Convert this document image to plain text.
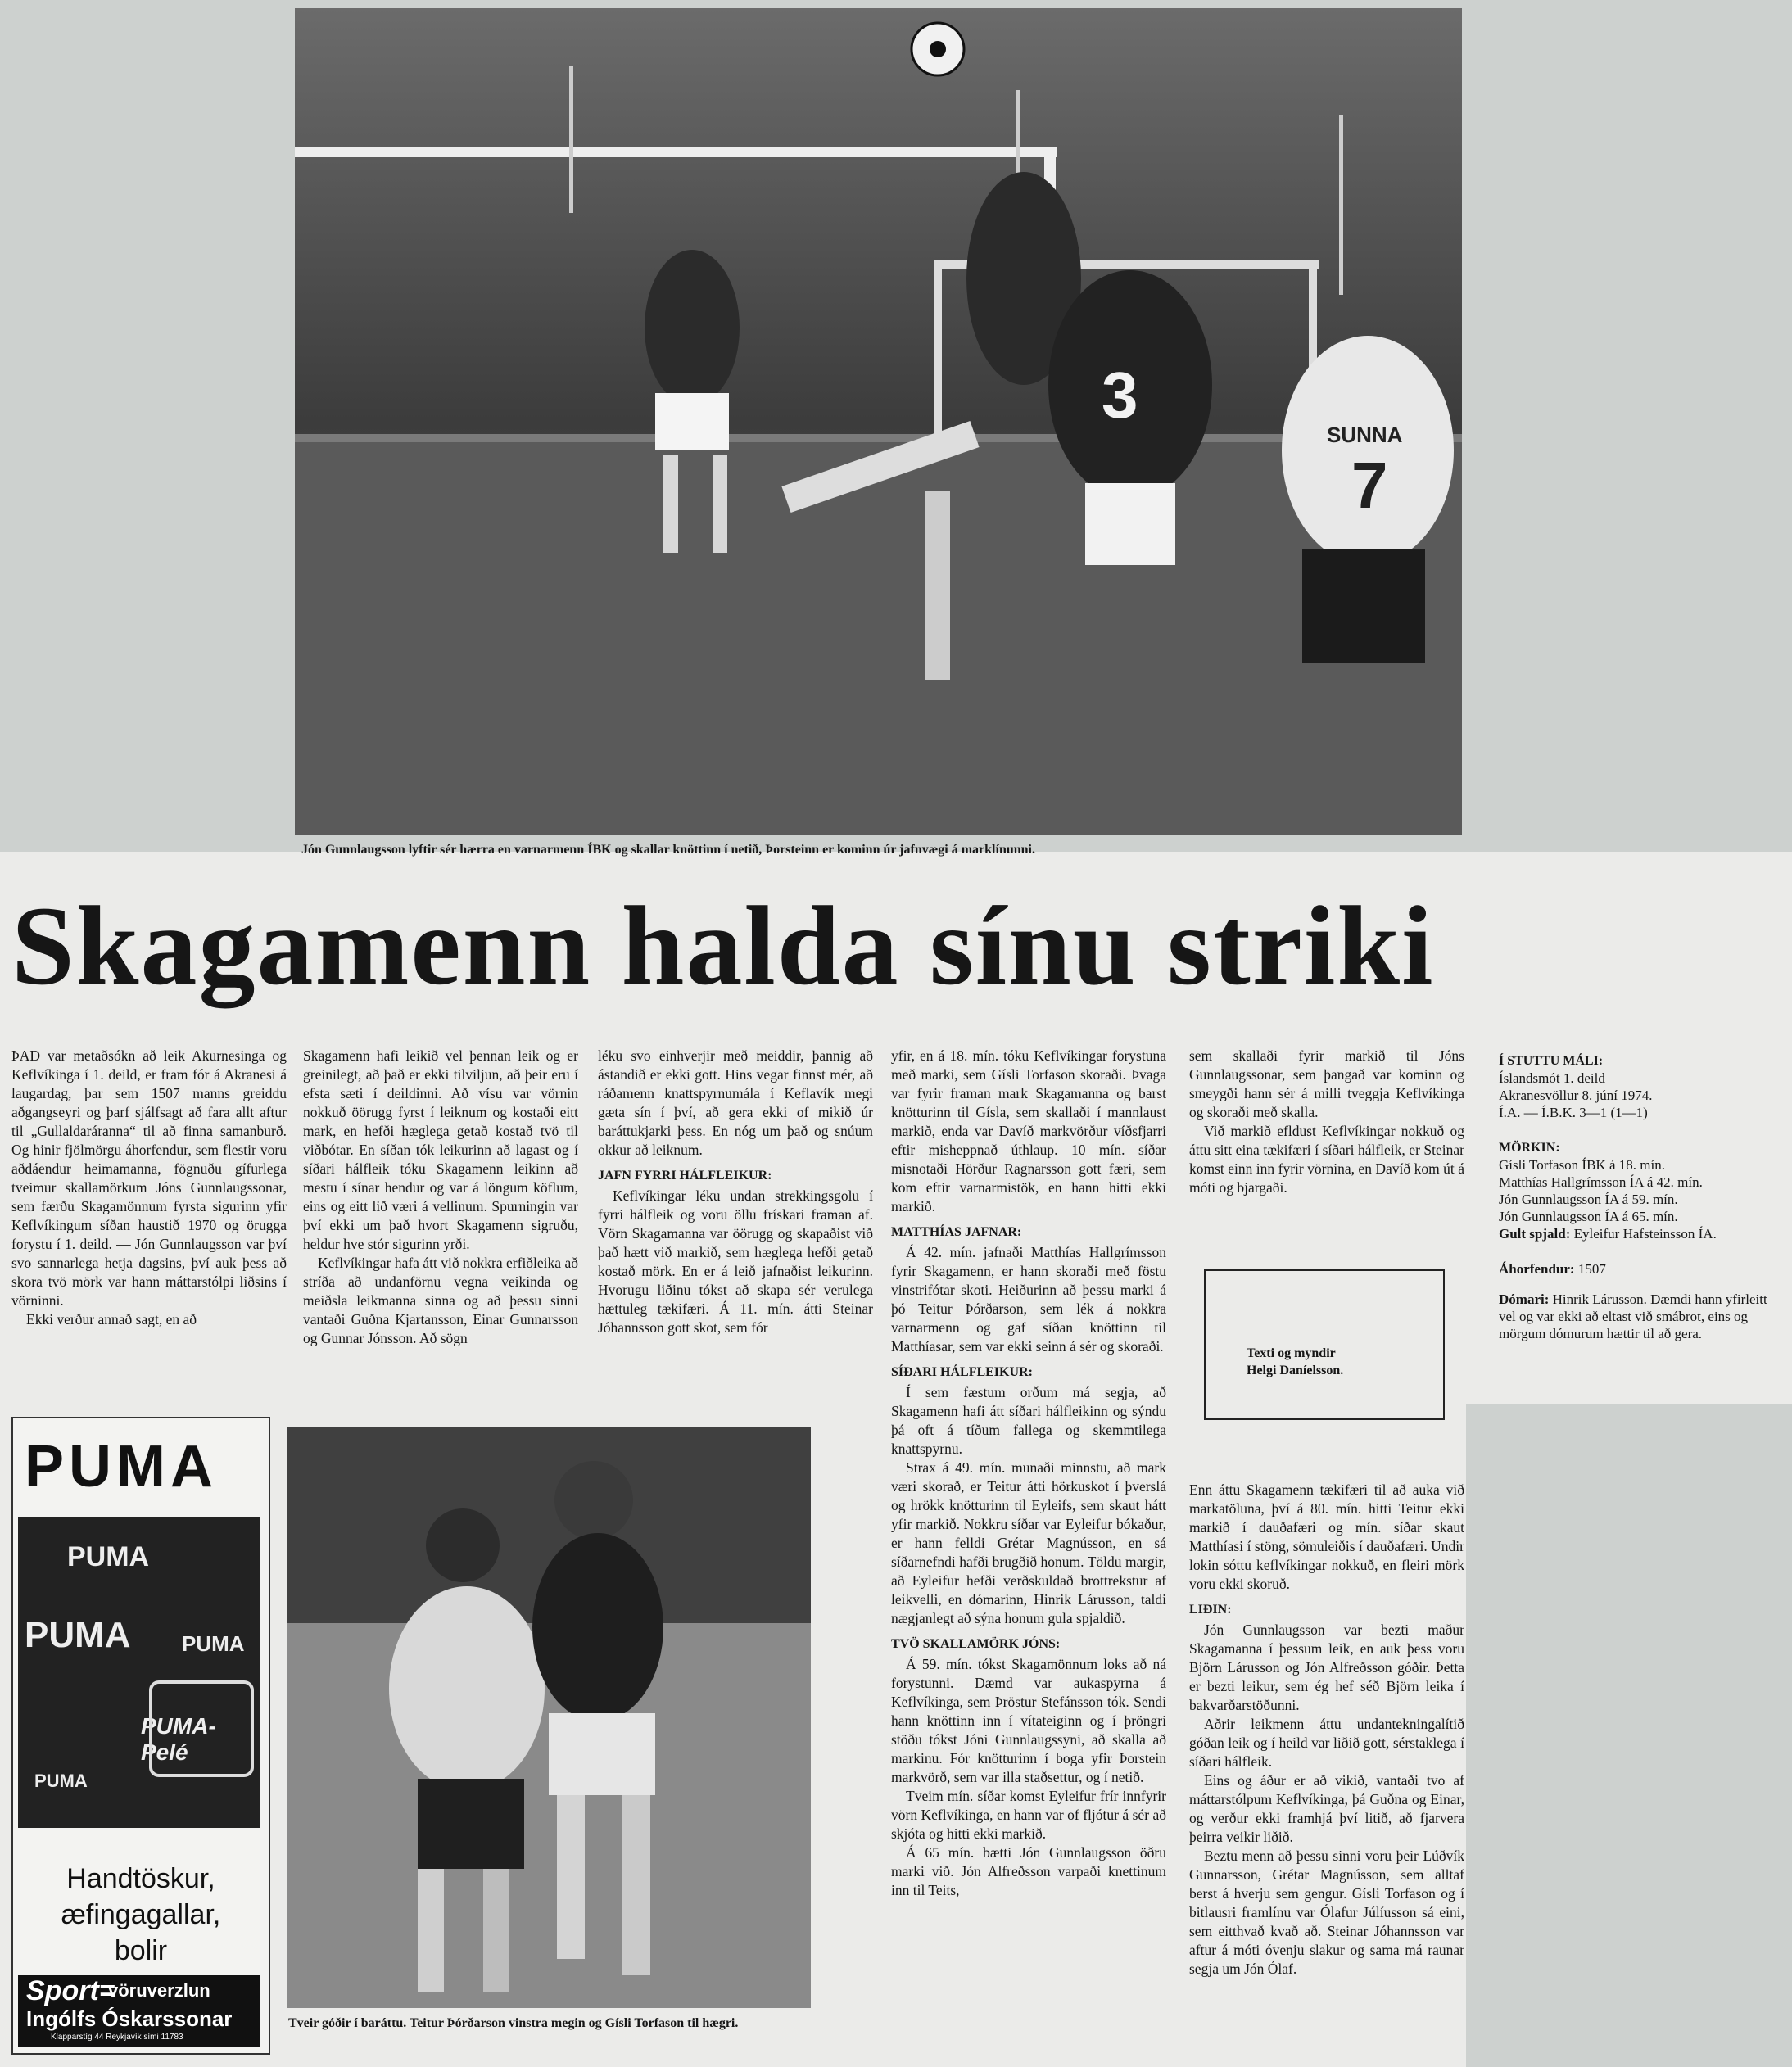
3
SUNNA
7
Jón Gunnlaugsson lyftir sér hærra en varnarmenn ÍBK og skallar knöttinn í netið, Þorsteinn er kominn úr jafnvægi á marklínunni.
Skagamenn halda sínu striki

ÞAÐ var metaðsókn að leik Akurnesinga og Keflvíkinga í 1. deild, er fram fór á Akranesi á laugardag, þar sem 1507 manns greiddu aðgangseyri og þarf sjálfsagt að fara allt aftur til „Gullaldaráranna“ til að finna samanburð. Og hinir fjölmörgu áhorfendur, sem flestir voru aðdáendur heimamanna, fögnuðu gífurlega tveimur skallamörkum Jóns Gunnlaugssonar, sem færðu Skagamönnum fyrsta sigurinn yfir Keflvíkingum síðan haustið 1970 og örugga forystu í 1. deild. — Jón Gunnlaugsson var því svo sannarlega hetja dagsins, því auk þess að skora tvö mörk var hann máttarstólpi liðsins í vörninni.

Ekki verður annað sagt, en að

Skagamenn hafi leikið vel þennan leik og er greinilegt, að það er ekki tilviljun, að þeir eru í efsta sæti í deildinni. Að vísu var vörnin nokkuð öörugg fyrst í leiknum og kostaði eitt mark, en hefði hæglega getað kostað tvö til viðbótar. En síðan tók leikurinn að lagast og í síðari hálfleik tóku Skagamenn leikinn að mestu í sínar hendur og var á löngum köflum, eins og eitt lið væri á vellinum. Spurningin var því ekki um það hvort Skagamenn sigruðu, heldur hve stór sigurinn yrði.

Keflvíkingar hafa átt við nokkra erfiðleika að stríða að undanförnu vegna veikinda og meiðsla leikmanna sinna og að þessu sinni vantaði Guðna Kjartansson, Einar Gunnarsson og Gunnar Jónsson. Að sögn

léku svo einhverjir með meiddir, þannig að ástandið er ekki gott. Hins vegar finnst mér, að ráðamenn knattspyrnumála í Keflavík megi gæta sín í því, að gera ekki of mikið úr baráttukjarki þess. En nóg um það og snúum okkur að leiknum.

JAFN FYRRI HÁLFLEIKUR:

Keflvíkingar léku undan strekkingsgolu í fyrri hálfleik og voru öllu frískari framan af. Vörn Skagamanna var öörugg og skapaðist við það hætt við markið, sem hæglega hefði getað kostað mörk. En er á leið jafnaðist leikurinn. Hvorugu liðinu tókst að skapa sér verulega hættuleg tækifæri. Á 11. mín. átti Steinar Jóhannsson gott skot, sem fór

yfir, en á 18. mín. tóku Keflvíkingar forystuna með marki, sem Gísli Torfason skoraði. Þvaga var fyrir framan mark Skagamanna og barst knötturinn til Gísla, sem skallaði í mannlaust markið, enda var Davíð markvörður víðsfjarri eftir misheppnað úthlaup. 10 mín. síðar misnotaði Hörður Ragnarsson gott færi, sem kom eftir varnarmistök, en hann hitti ekki markið.

MATTHÍAS JAFNAR:

Á 42. mín. jafnaði Matthías Hallgrímsson fyrir Skagamenn, er hann skoraði með föstu vinstrifótar skoti. Heiðurinn að þessu marki á þó Teitur Þórðarson, sem lék á nokkra varnarmenn og gaf síðan knöttinn til Matthíasar, sem var ekki seinn á sér og skoraði.

SÍÐARI HÁLFLEIKUR:

Í sem fæstum orðum má segja, að Skagamenn hafi átt síðari hálfleikinn og sýndu þá oft á tíðum fallega og skemmtilega knattspyrnu.

Strax á 49. mín. munaði minnstu, að mark væri skorað, er Teitur átti hörkuskot í þverslá og hrökk knötturinn til Eyleifs, sem skaut hátt yfir markið. Nokkru síðar var Eyleifur bókaður, er hann felldi Grétar Magnússon, en sá síðarnefndi hafði brugðið honum. Töldu margir, að Eyleifur hefði verðskuldað brottrekstur af leikvelli, en dómarinn, Hinrik Lárusson, taldi nægjanlegt að sýna honum gula spjaldið.

TVÖ SKALLAMÖRK JÓNS:

Á 59. mín. tókst Skagamönnum loks að ná forystunni. Dæmd var aukaspyrna á Keflvíkinga, sem Þröstur Stefánsson tók. Sendi hann knöttinn inn í vítateiginn og í þröngri stöðu tókst Jóni Gunnlaugssyni, að skalla að markinu. Fór knötturinn í boga yfir Þorstein markvörð, sem var illa staðsettur, og í netið.

Tveim mín. síðar komst Eyleifur frír innfyrir vörn Keflvíkinga, en hann var of fljótur á sér að skjóta og hitti ekki markið.

Á 65 mín. bætti Jón Gunnlaugsson öðru marki við. Jón Alfreðsson varpaði knettinum inn til Teits,

sem skallaði fyrir markið til Jóns Gunnlaugssonar, sem þangað var kominn og smeygði hann sér á milli tveggja Keflvíkinga og skoraði með skalla.

Við markið efldust Keflvíkingar nokkuð og áttu sitt eina tækifæri í síðari hálfleik, er Steinar komst einn inn fyrir vörnina, en Davíð kom út á móti og bjargaði.

Texti og myndir

Helgi Daníelsson.

Enn áttu Skagamenn tækifæri til að auka við markatöluna, því á 80. mín. hitti Teitur ekki markið í dauðafæri og mín. síðar skaut Matthíasi í stöng, sömuleiðis í dauðafæri. Undir lokin sóttu keflvíkingar nokkuð, en fleiri mörk voru ekki skoruð.

LIÐIN:

Jón Gunnlaugsson var bezti maður Skagamanna í þessum leik, en auk þess voru Björn Lárusson og Jón Alfreðsson góðir. Þetta er bezti leikur, sem ég hef séð Björn leika í bakvarðarstöðunni.

Aðrir leikmenn áttu undantekningalítið góðan leik og í heild var liðið gott, sérstaklega í síðari hálfleik.

Eins og áður er að vikið, vantaði tvo af máttarstólpum Keflvíkinga, þá Guðna og Einar, og verður ekki framhjá því litið, að fjarvera þeirra veikir liðið.

Beztu menn að þessu sinni voru þeir Lúðvík Gunnarsson, Grétar Magnússon, sem alltaf berst á hverju sem gengur. Gísli Torfason og í bitlausri framlínu var Ólafur Júlíusson sá eini, sem eitthvað kvað að. Steinar Jóhannsson var aftur á móti óvenju slakur og sama má raunar segja um Jón Ólaf.

Í STUTTU MÁLI:

Íslandsmót 1. deild

Akranesvöllur 8. júní 1974.

Í.A. — Í.B.K. 3—1 (1—1)

MÖRKIN:

Gísli Torfason ÍBK á 18. mín.

Matthías Hallgrímsson ÍA á 42. mín.

Jón Gunnlaugsson ÍA á 59. mín.

Jón Gunnlaugsson ÍA á 65. mín.

Gult spjald: Eyleifur Hafsteinsson ÍA.

Áhorfendur: 1507

Dómari: Hinrik Lárusson. Dæmdi hann yfirleitt vel og var ekki að eltast við smábrot, eins og mörgum dómurum hættir til að gera.

PUMA
PUMA
PUMA PUMA
PUMA-Pelé
PUMA
Handtöskur,
æfingagallar,
bolir
Sport=
vöruverzlun
Ingólfs Óskarssonar
Klapparstíg 44 Reykjavík sími 11783
Tveir góðir í baráttu. Teitur Þórðarson vinstra megin og Gísli Torfason til hægri.
